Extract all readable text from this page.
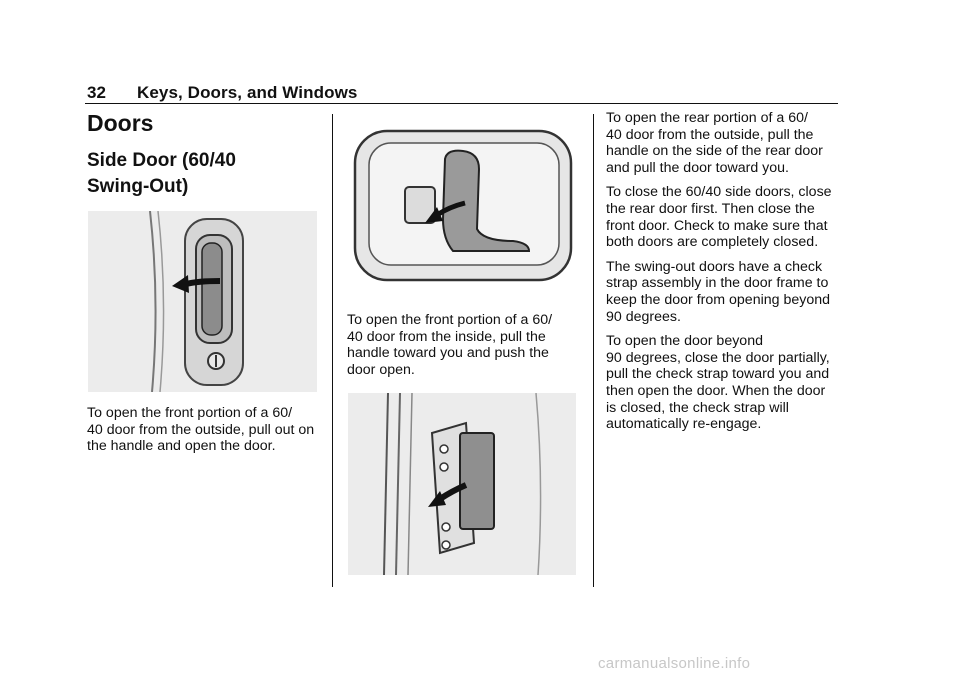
32 Keys, Doors, and Windows
Doors
Side Door (60/40
Swing-Out)

To open the front portion of a 60/
40 door from the outside, pull out on
the handle and open the door.

To open the front portion of a 60/
40 door from the inside, pull the
handle toward you and push the
door open.

To open the rear portion of a 60/
40 door from the outside, pull the
handle on the side of the rear door
and pull the door toward you.

To close the 60/40 side doors, close
the rear door first. Then close the
front door. Check to make sure that
both doors are completely closed.

The swing-out doors have a check
strap assembly in the door frame to
keep the door from opening beyond
90 degrees.

To open the door beyond
90 degrees, close the door partially,
pull the check strap toward you and
then open the door. When the door
is closed, the check strap will
automatically re-engage.

carmanualsonline.info
